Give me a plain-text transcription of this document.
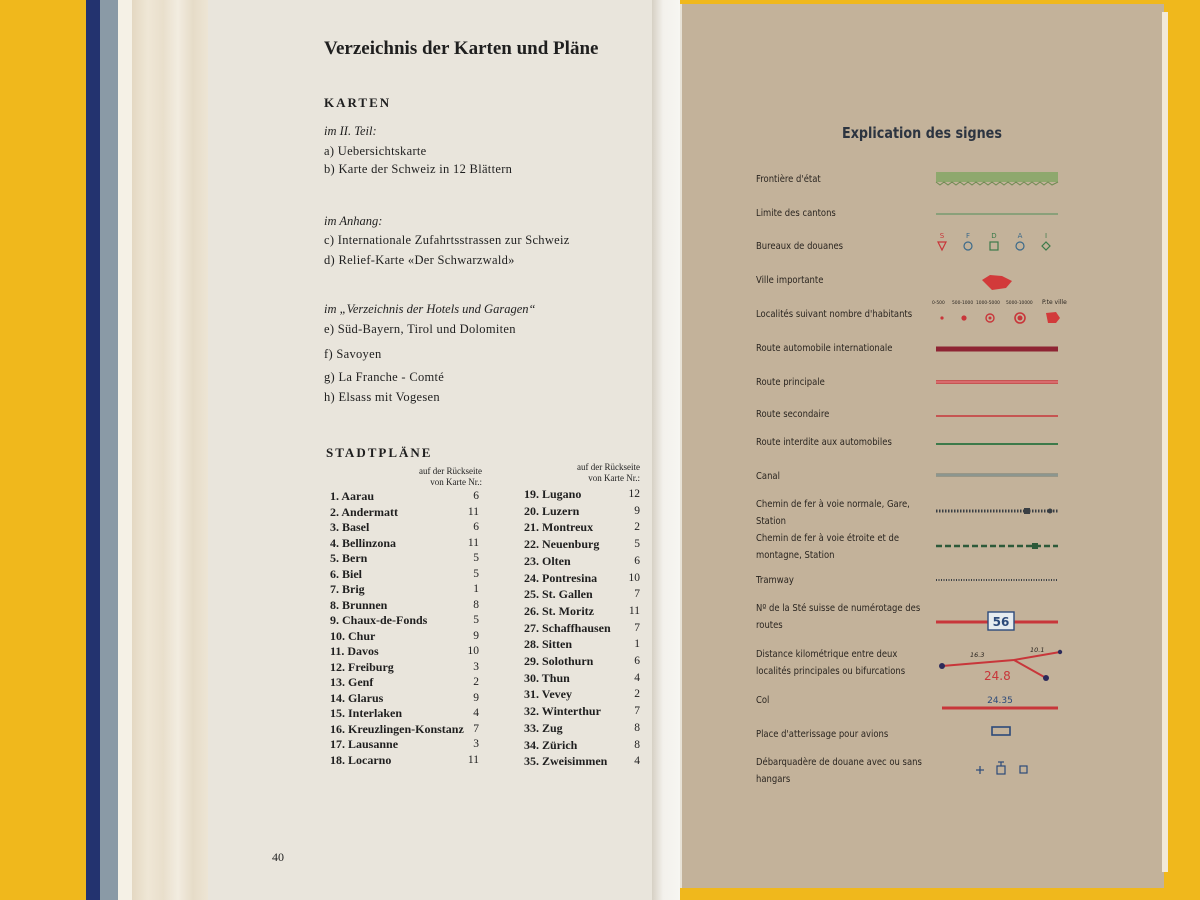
Verzeichnis der Karten und Pläne
KARTEN
im II. Teil:
a) Uebersichtskarte
b) Karte der Schweiz in 12 Blättern
im Anhang:
c) Internationale Zufahrtsstrassen zur Schweiz
d) Relief-Karte «Der Schwarzwald»
im „Verzeichnis der Hotels und Garagen“
e) Süd-Bayern, Tirol und Dolomiten
f) Savoyen
g) La Franche - Comté
h) Elsass mit Vogesen
STADTPLÄNE
auf der Rückseite
von Karte Nr.:
auf der Rückseite
von Karte Nr.:
1. Aarau	6
2. Andermatt	11
3. Basel	6
4. Bellinzona	11
5. Bern	5
6. Biel	5
7. Brig	1
8. Brunnen	8
9. Chaux-de-Fonds	5
10. Chur	9
11. Davos	10
12. Freiburg	3
13. Genf	2
14. Glarus	9
15. Interlaken	4
16. Kreuzlingen-Konstanz 7
17. Lausanne	3
18. Locarno	11
19. Lugano	12
20. Luzern	9
21. Montreux	2
22. Neuenburg	5
23. Olten	6
24. Pontresina	10
25. St. Gallen	7
26. St. Moritz	11
27. Schaffhausen	7
28. Sitten	1
29. Solothurn	6
30. Thun	4
31. Vevey	2
32. Winterthur	7
33. Zug	8
34. Zürich	8
35. Zweisimmen	4
40
Explication des signes
Frontière d'état
Limite des cantons
Bureaux de douanes
Ville importante
Localités suivant nombre d'habitants
Route automobile internationale
Route principale
Route secondaire
Route interdite aux automobiles
Canal
Chemin de fer à voie normale, Gare, Station
Chemin de fer à voie étroite et de montagne, Station
Tramway
Nº de la Sté suisse de numérotage des routes
Distance kilométrique entre deux localités principales ou bifurcations
Col
Place d'atterissage pour avions
Débarquadère de douane avec ou sans hangars
S	F	D	A	I
0-500 500-1000 1000-5000 5000-10000 P.te ville
56
16.3
10.1
24.8
24.35
